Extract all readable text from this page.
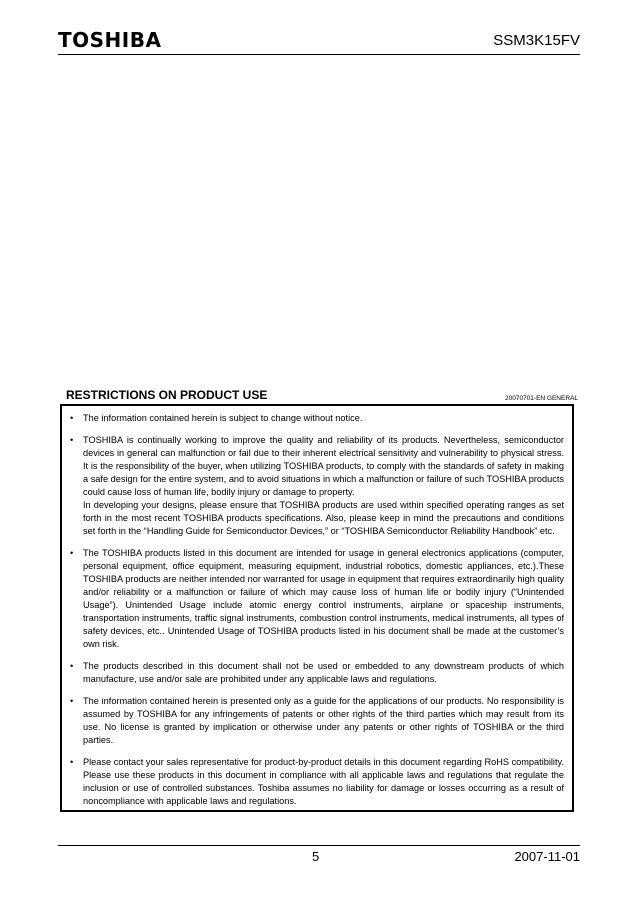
TOSHIBA	SSM3K15FV
RESTRICTIONS ON PRODUCT USE	20070701-EN GENERAL
• The information contained herein is subject to change without notice.

• TOSHIBA is continually working to improve the quality and reliability of its products. Nevertheless, semiconductor devices in general can malfunction or fail due to their inherent electrical sensitivity and vulnerability to physical stress. It is the responsibility of the buyer, when utilizing TOSHIBA products, to comply with the standards of safety in making a safe design for the entire system, and to avoid situations in which a malfunction or failure of such TOSHIBA products could cause loss of human life, bodily injury or damage to property.

In developing your designs, please ensure that TOSHIBA products are used within specified operating ranges as set forth in the most recent TOSHIBA products specifications. Also, please keep in mind the precautions and conditions set forth in the “Handling Guide for Semiconductor Devices,” or “TOSHIBA Semiconductor Reliability Handbook” etc.

• The TOSHIBA products listed in this document are intended for usage in general electronics applications (computer, personal equipment, office equipment, measuring equipment, industrial robotics, domestic appliances, etc.).These TOSHIBA products are neither intended nor warranted for usage in equipment that requires extraordinarily high quality and/or reliability or a malfunction or failure of which may cause loss of human life or bodily injury (“Unintended Usage”). Unintended Usage include atomic energy control instruments, airplane or spaceship instruments, transportation instruments, traffic signal instruments, combustion control instruments, medical instruments, all types of safety devices, etc.. Unintended Usage of TOSHIBA products listed in his document shall be made at the customer’s own risk.

• The products described in this document shall not be used or embedded to any downstream products of which manufacture, use and/or sale are prohibited under any applicable laws and regulations.

• The information contained herein is presented only as a guide for the applications of our products. No responsibility is assumed by TOSHIBA for any infringements of patents or other rights of the third parties which may result from its use. No license is granted by implication or otherwise under any patents or other rights of TOSHIBA or the third parties.

• Please contact your sales representative for product-by-product details in this document regarding RoHS compatibility. Please use these products in this document in compliance with all applicable laws and regulations that regulate the inclusion or use of controlled substances. Toshiba assumes no liability for damage or losses occurring as a result of noncompliance with applicable laws and regulations.

5	2007-11-01
